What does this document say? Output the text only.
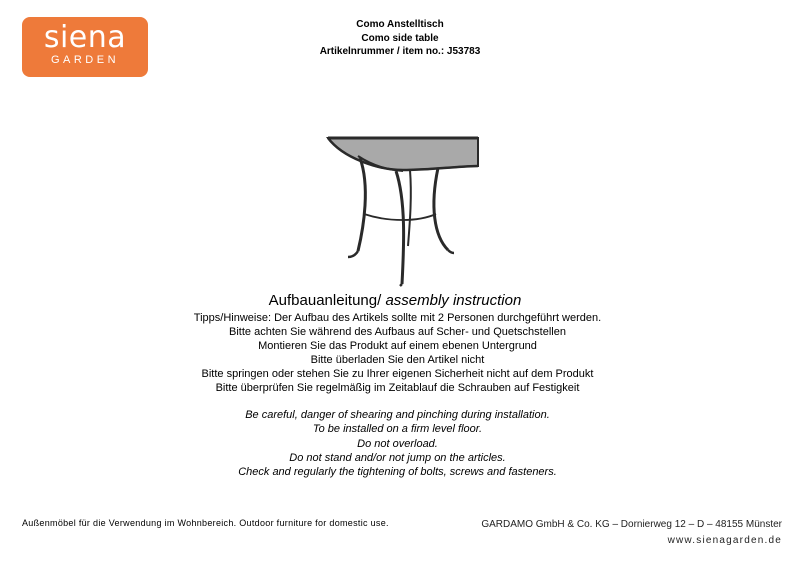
siena
GARDEN
Como Anstelltisch
Como side table
Artikelnrummer / item no.: J53783
Aufbauanleitung/ assembly instruction
Tipps/Hinweise: Der Aufbau des Artikels sollte mit 2 Personen durchgeführt werden.
Bitte achten Sie während des Aufbaus auf Scher- und Quetschstellen
Montieren Sie das Produkt auf einem ebenen Untergrund
Bitte überladen Sie den Artikel nicht
Bitte springen oder stehen Sie zu Ihrer eigenen Sicherheit nicht auf dem Produkt
Bitte überprüfen Sie regelmäßig im Zeitablauf die Schrauben auf Festigkeit
Be careful, danger of shearing and pinching during installation.
To be installed on a firm level floor.
Do not overload.
Do not stand and/or not jump on the articles.
Check and regularly the tightening of bolts, screws and fasteners.
Außenmöbel für die Verwendung im Wohnbereich. Outdoor furniture for domestic use.	GARDAMO GmbH & Co. KG – Dornierweg 12 – D – 48155 Münster
www.sienagarden.de
